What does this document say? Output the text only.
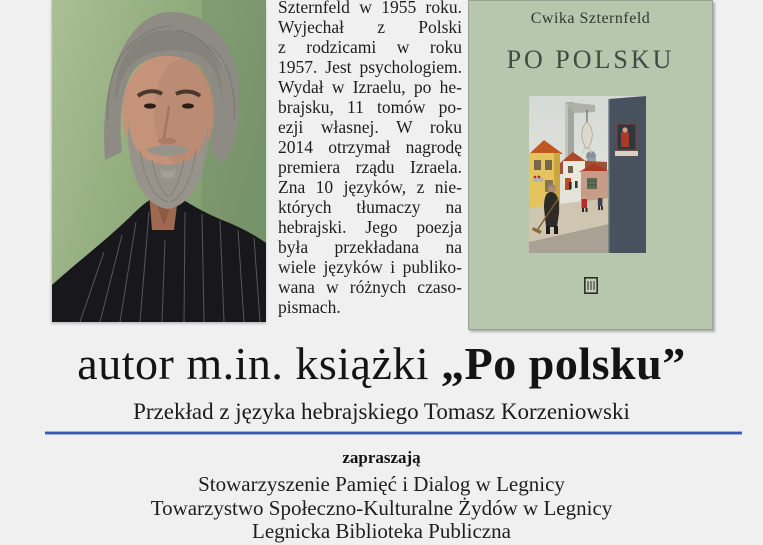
Szternfeld w 1955 roku.
Wyjechał z Polski
z rodzicami w roku
1957. Jest psychologiem.
Wydał w Izraelu, po he-
brajsku, 11 tomów po-
ezji własnej. W roku
2014 otrzymał nagrodę
premiera rządu Izraela.
Zna 10 języków, z nie-
których tłumaczy na
hebrajski. Jego poezja
była przekładana na
wiele języków i publiko-
wana w różnych czaso-
pismach.
Cwika Szternfeld
PO POLSKU
autor m.in. książki „Po polsku”
Przekład z języka hebrajskiego Tomasz Korzeniowski
zapraszają
Stowarzyszenie Pamięć i Dialog w Legnicy
Towarzystwo Społeczno-Kulturalne Żydów w Legnicy
Legnicka Biblioteka Publiczna
